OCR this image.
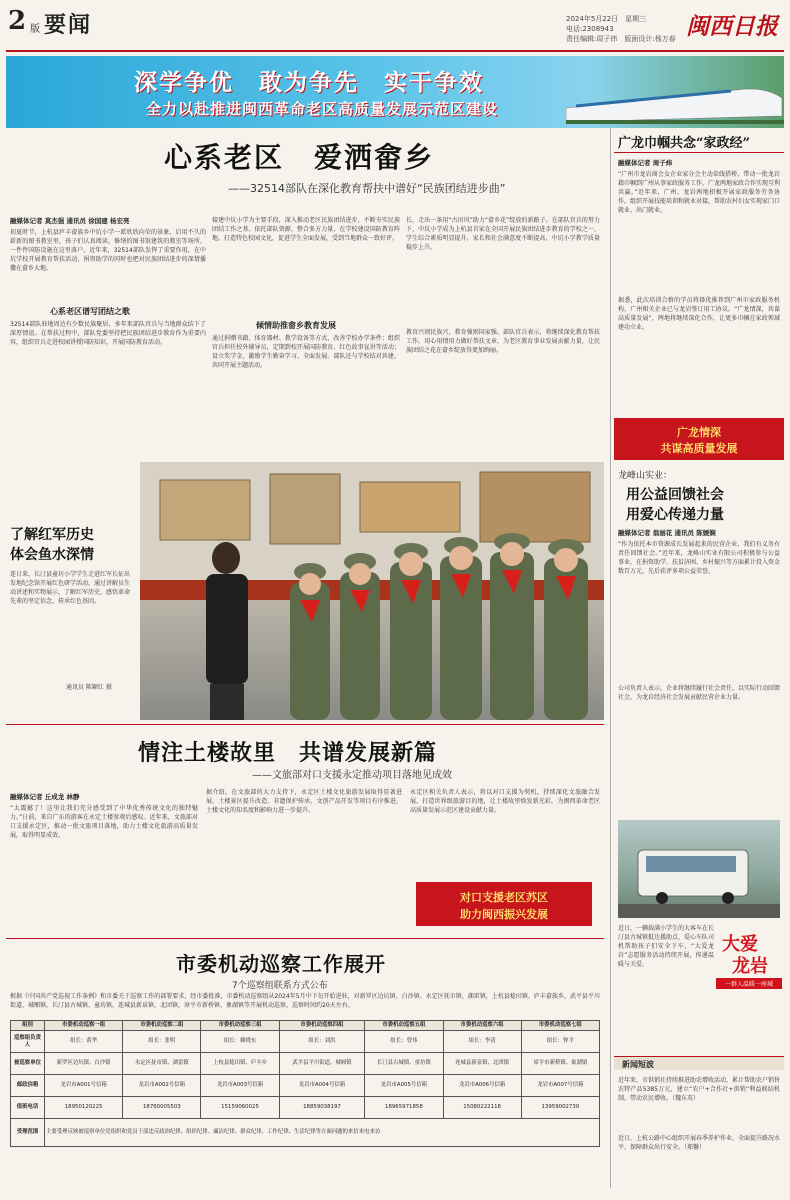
2 版 要闻	2024年5月22日　星期三
电话:2308943
责任编辑:周子炜　版面设计:杨万春 闽西日报
深学争优　敢为争先　实干争效
全力以赴推进闽西革命老区高质量发展示范区建设
心系老区　爱洒畲乡
——32514部队在深化教育帮扶中谱好“民族团结进步曲”
融媒体记者 莫杰强 通讯员 徐国建 杨宏亮
初夏时节，上杭县庐丰畲族乡中坑小学一派欣欣向荣的景象，启用不久的崭新的图书教室里，孩子们认真阅读，修缮的图书馆建筑的教室等场所，一件件国防设施在这里落户。近年来，32514部队发挥了重要作用，在中坑学校开展教育帮扶活动，捐资助学的同时也把对民族团结进步的深情播撒在畲乡大地。
心系老区谱写团结之歌
32514部队驻地周边有少数民族聚居，多年来部队官兵与当地群众结下了深厚情谊。在帮扶过程中，部队党委坚持把民族团结进步教育作为重要内容，组织官兵走进校园讲授国防知识，开展国防教育活动。
接建中坑小学为主要手段，深入推动老区民族团结进步，不断夯实民族团结工作之基。依托部队资源，整合多方力量，在学校建设国防教育阵地，打造特色校园文化，促进学生全面发展，受到当地群众一致好评。
倾情助推畲乡教育发展
通过捐赠书籍、体育器材、教学设备等方式，改善学校办学条件；组织官兵担任校外辅导员，定期到校开展国防教育、红色故事宣讲等活动；设立奖学金，激励学生勤奋学习、全面发展。部队还与学校结对共建，共同开展主题活动。
长，走出一条用“古田风”助力“畲乡花”绽放的新路子。在部队官兵的努力下，中坑小学成为上杭县首家在全国开展民族团结进步教育的学校之一，学生综合素质明显提升，家长和社会满意度不断提高，中坑小学教学质量稳步上升。
教育兴则民族兴，教育强则国家强。部队官兵表示，将继续深化教育帮扶工作，用心用情用力做好帮扶文章，为老区教育事业发展贡献力量，让民族团结之花在畲乡绽放得更加绚丽。
了解红军历史
体会鱼水深情
连日来，长汀县童坊小学学生走进红军长征出发地纪念馆开展红色研学活动，通过讲解员生动讲述和实物展示，了解红军历史，感悟革命先辈的坚定信念，传承红色基因。
通讯员 陈颖红 摄
广龙巾帼共念“家政经”
融媒体记者 周子炜
“广州市龙岩商会女企业家分会主动牵线搭桥，带动一批龙岩籍巾帼到广州从事家政服务工作，广龙两地家政合作实现互利共赢。”近年来，广州、龙岩两地积极开展家政服务劳务协作，组织开展技能培训和就业对接，帮助农村妇女实现家门口就业、出门就业。
据悉，此次培训合格的学员将择优推荐到广州市家政服务机构，广州相关企业已与龙岩签订用工协议。“广龙情深，共谋高质量发展”，两地将继续深化合作，让更多巾帼在家政领域建功立业。
广龙情深
共谋高质量发展
龙峰山实业：
用公益回馈社会
用爱心传递力量
融媒体记者 翁丽花 通讯员 陈媛娴
“作为依托本市资源成长发展起来的民营企业，我们有义务有责任回馈社会。”近年来，龙峰山实业有限公司积极参与公益事业，在捐资助学、扶贫济困、乡村振兴等方面累计投入资金数百万元，先后获评多项公益荣誉。
公司负责人表示，企业将继续履行社会责任，以实际行动回馈社会，为龙岩经济社会发展贡献民营企业力量。
近日，一辆载满小学生的大客车在长汀县古城镇抵达援助点，爱心车队司机帮助孩子们安全下车，“大爱龙岩”志愿服务活动持续开展，传递温暖与关爱。
大爱
龙岩
一群人温暖一座城
新闻短波
近年来，市供销社持续推进助农增收活动，累计帮助农户销售农特产品5385万元，建立“农户+合作社+供销”利益联结机制，带动农民增收。（魏东英）
近日，上杭公路中心组织开展春季养护作业，全面提升路况水平，保障群众出行安全。（郑馨）
情注土楼故里　共谱发展新篇
——文旅部对口支援永定推动项目落地见成效
融媒体记者 丘成龙 林静
“太震撼了！这里让我们充分感受到了中华优秀传统文化的独特魅力。”日前，来自广东的游客在永定土楼参观后感叹。近年来，文旅部对口支援永定区，推动一批文旅项目落地，助力土楼文化旅游高质量发展，取得明显成效。
据介绍，在文旅部的大力支持下，永定区土楼文化旅游发展取得显著进展，土楼景区提升改造、非遗保护传承、文创产品开发等项目有序推进，土楼文化的知名度和影响力进一步提升。
永定区相关负责人表示，将以对口支援为契机，持续深化文旅融合发展，打造世界级旅游目的地，让土楼故里焕发新光彩，为闽西革命老区高质量发展示范区建设贡献力量。
对口支援老区苏区
助力闽西振兴发展
市委机动巡察工作展开
7个巡察组联系方式公布
根据《中国共产党巡视工作条例》和市委关于巡察工作的部署要求，经市委批准，市委机动巡察组从2024年5月中下旬开始进驻，对新罗区边坑镇、白沙镇、永定区抚市镇、湖雷镇，上杭县稔田镇、庐丰畲族乡，武平县平川街道、城厢镇，长汀县古城镇、童坊镇，连城县新泉镇、北团镇，漳平市新桥镇、象湖镇等开展机动巡察，巡察时间约20天左右。
组别	市委机动巡察一组	市委机动巡察二组	市委机动巡察三组	市委机动巡察四组	市委机动巡察五组	市委机动巡察六组	市委机动巡察七组
巡察组负责人	组长：黄华	组长：张明	组长：赖晓东	组长：刘洪	组长：曾伟	组长：李清	组长：钟平
被巡察单位	新罗区边坑镇、白沙镇	永定区抚市镇、湖雷镇	上杭县稔田镇、庐丰乡	武平县平川街道、城厢镇	长汀县古城镇、童坊镇	连城县新泉镇、北团镇	漳平市新桥镇、象湖镇
邮政信箱	龙岩市A001号信箱	龙岩市A002号信箱	龙岩市A003号信箱	龙岩市A004号信箱	龙岩市A005号信箱	龙岩市A006号信箱	龙岩市A007号信箱
值班电话	18950120225	18760005503	15159060025	18859038197	18965971858	15080222118	13959002730
受理范围	主要受理反映被巡察单位党组织和党员干部违反政治纪律、组织纪律、廉洁纪律、群众纪律、工作纪律、生活纪律等方面问题的来信来电来访						
